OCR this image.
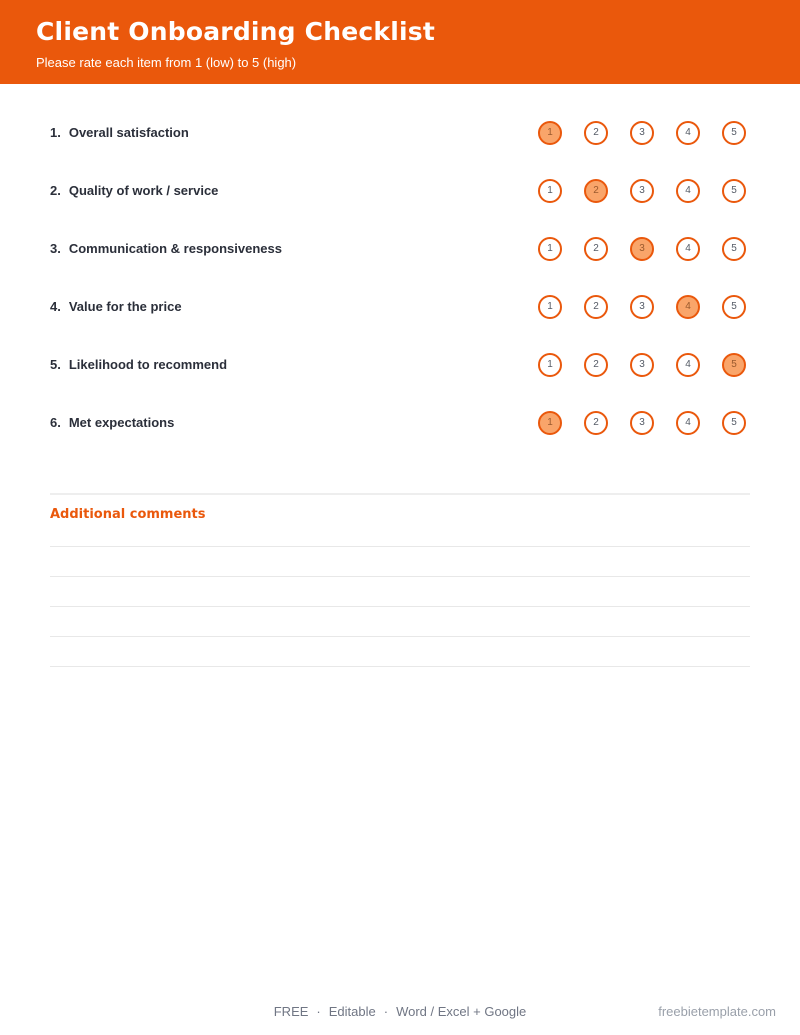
Client Onboarding Checklist

Please rate each item from 1 (low) to 5 (high)

1. Overall satisfaction	1	2	3	4	5
2. Quality of work / service	1	2	3	4	5
3. Communication & responsiveness	1	2	3	4	5
4. Value for the price	1	2	3	4	5
5. Likelihood to recommend	1	2	3	4	5
6. Met expectations	1	2	3	4	5
Additional comments
FREE · Editable · Word / Excel + Google	freebietemplate.com
